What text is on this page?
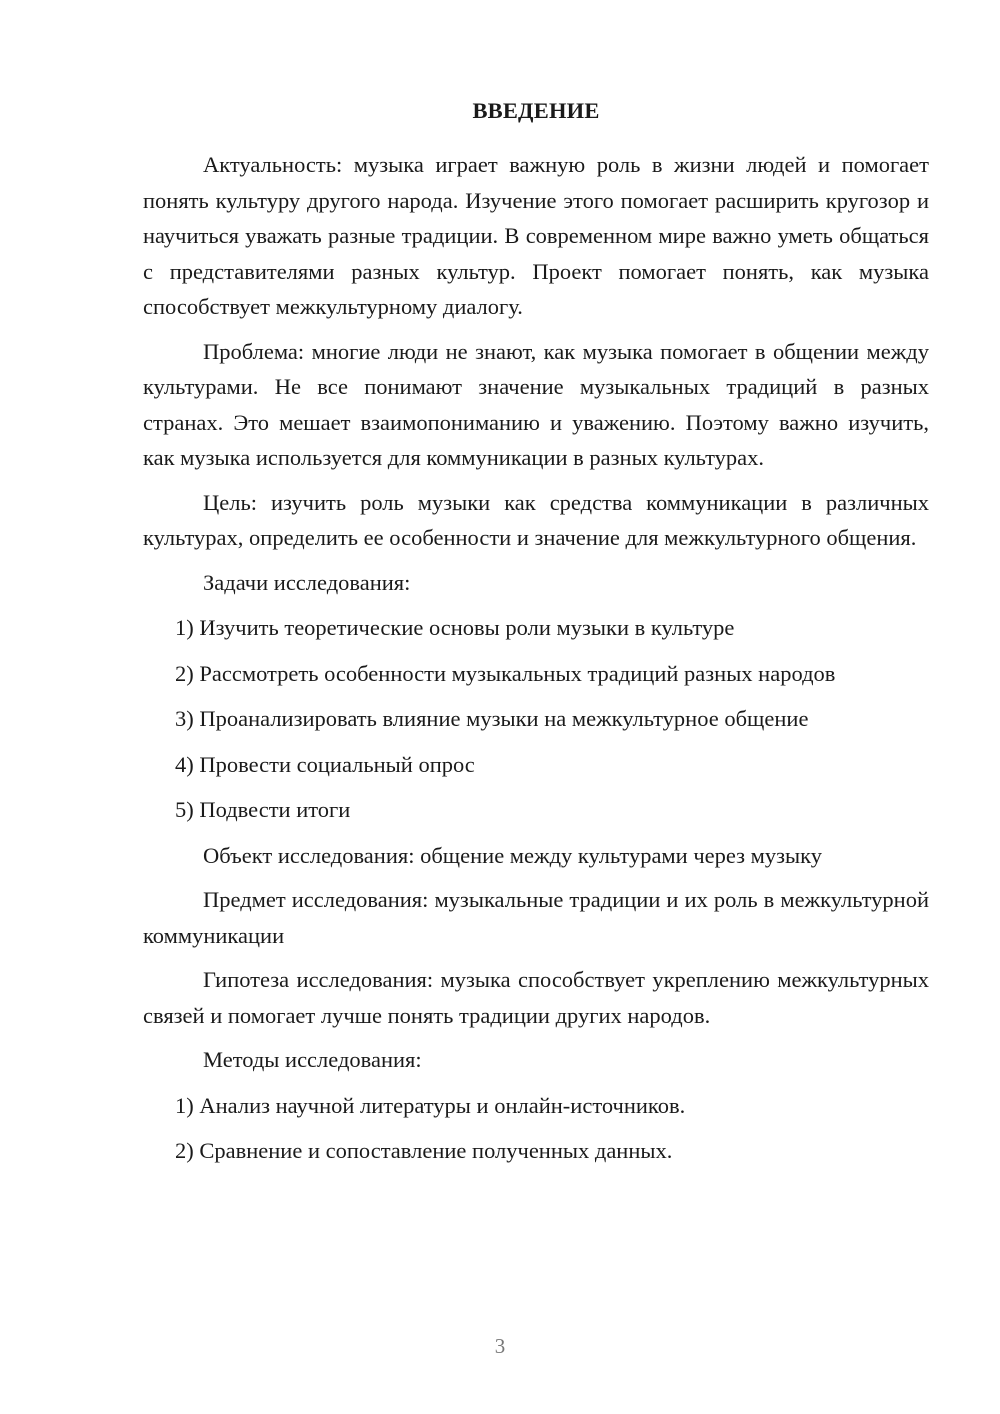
ВВЕДЕНИЕ

Актуальность: музыка играет важную роль в жизни людей и помогает понять культуру другого народа. Изучение этого помогает расширить кругозор и научиться уважать разные традиции. В современном мире важно уметь общаться с представителями разных культур. Проект помогает понять, как музыка способствует межкультурному диалогу.

Проблема: многие люди не знают, как музыка помогает в общении между культурами. Не все понимают значение музыкальных традиций в разных странах. Это мешает взаимопониманию и уважению. Поэтому важно изучить, как музыка используется для коммуникации в разных культурах.

Цель: изучить роль музыки как средства коммуникации в различных культурах, определить ее особенности и значение для межкультурного общения.

Задачи исследования:

1) Изучить теоретические основы роли музыки в культуре
2) Рассмотреть особенности музыкальных традиций разных народов
3) Проанализировать влияние музыки на межкультурное общение
4) Провести социальный опрос
5) Подвести итоги

Объект исследования: общение между культурами через музыку

Предмет исследования: музыкальные традиции и их роль в межкультурной коммуникации

Гипотеза исследования: музыка способствует укреплению межкультурных связей и помогает лучше понять традиции других народов.

Методы исследования:

1) Анализ научной литературы и онлайн-источников.
2) Сравнение и сопоставление полученных данных.
3
